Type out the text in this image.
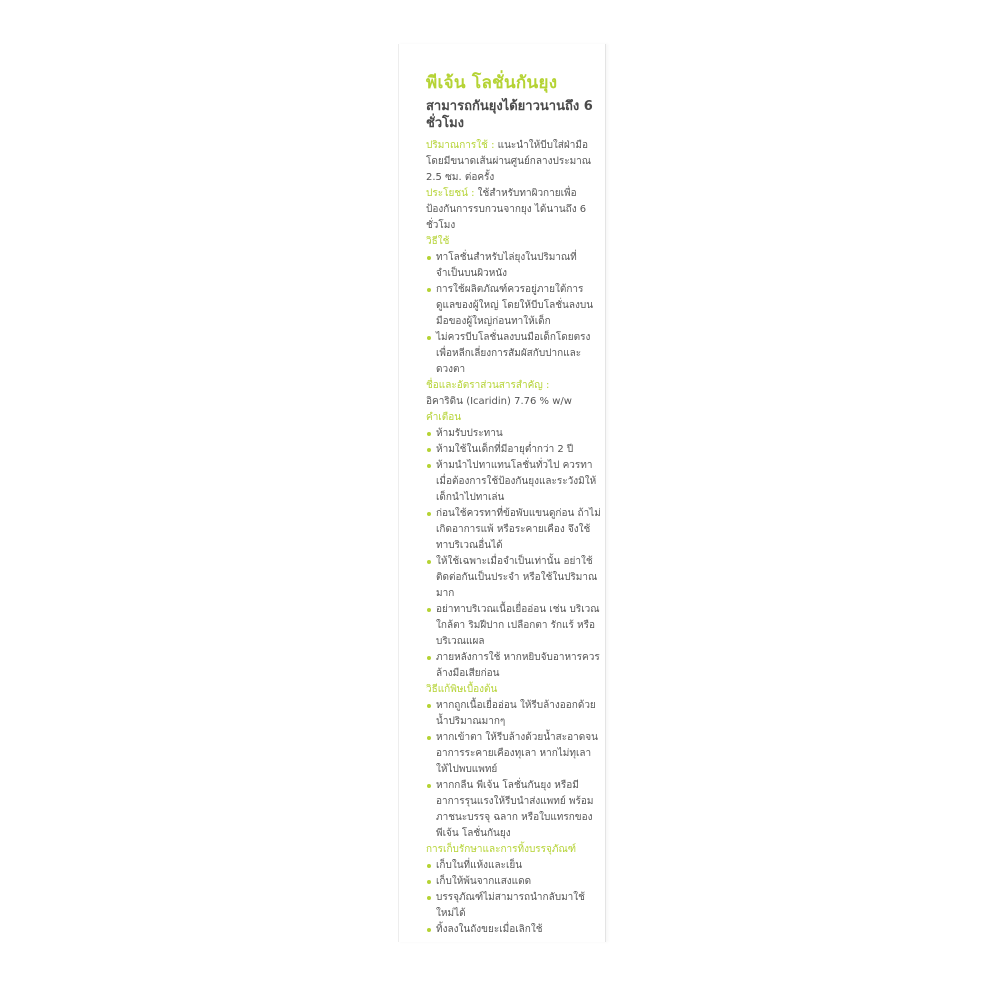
พีเจ้น โลชั่นกันยุง
สามารถกันยุงได้ยาวนานถึง 6 ชั่วโมง
ปริมาณการใช้ : แนะนำให้บีบใส่ฝ่ามือโดยมีขนาดเส้นผ่านศูนย์กลางประมาณ 2.5 ซม. ต่อครั้ง
ประโยชน์ : ใช้สำหรับทาผิวกายเพื่อป้องกันการรบกวนจากยุง ได้นานถึง 6 ชั่วโมง
วิธีใช้
ทาโลชั่นสำหรับไล่ยุงในปริมาณที่จำเป็นบนผิวหนัง
การใช้ผลิตภัณฑ์ควรอยู่ภายใต้การดูแลของผู้ใหญ่ โดยให้บีบโลชั่นลงบนมือของผู้ใหญ่ก่อนทาให้เด็ก
ไม่ควรบีบโลชั่นลงบนมือเด็กโดยตรง เพื่อหลีกเลี่ยงการสัมผัสกับปากและดวงตา
ชื่อและอัตราส่วนสารสำคัญ :
อิคาริดิน (Icaridin) 7.76 % w/w
คำเตือน
ห้ามรับประทาน
ห้ามใช้ในเด็กที่มีอายุต่ำกว่า 2 ปี
ห้ามนำไปทาแทนโลชั่นทั่วไป ควรทาเมื่อต้องการใช้ป้องกันยุงและระวังมิให้เด็กนำไปทาเล่น
ก่อนใช้ควรทาที่ข้อพับแขนดูก่อน ถ้าไม่เกิดอาการแพ้ หรือระคายเคือง จึงใช้ทาบริเวณอื่นได้
ให้ใช้เฉพาะเมื่อจำเป็นเท่านั้น อย่าใช้ติดต่อกันเป็นประจำ หรือใช้ในปริมาณมาก
อย่าทาบริเวณเนื้อเยื่ออ่อน เช่น บริเวณใกล้ตา ริมฝีปาก เปลือกตา รักแร้ หรือบริเวณแผล
ภายหลังการใช้ หากหยิบจับอาหารควรล้างมือเสียก่อน
วิธีแก้พิษเบื้องต้น
หากถูกเนื้อเยื่ออ่อน ให้รีบล้างออกด้วยน้ำปริมาณมากๆ
หากเข้าตา ให้รีบล้างด้วยน้ำสะอาดจนอาการระคายเคืองทุเลา หากไม่ทุเลาให้ไปพบแพทย์
หากกลืน พีเจ้น โลชั่นกันยุง หรือมีอาการรุนแรงให้รีบนำส่งแพทย์ พร้อมภาชนะบรรจุ ฉลาก หรือใบแทรกของ พีเจ้น โลชั่นกันยุง
การเก็บรักษาและการทิ้งบรรจุภัณฑ์
เก็บในที่แห้งและเย็น
เก็บให้พ้นจากแสงแดด
บรรจุภัณฑ์ไม่สามารถนำกลับมาใช้ใหม่ได้
ทิ้งลงในถังขยะเมื่อเลิกใช้
